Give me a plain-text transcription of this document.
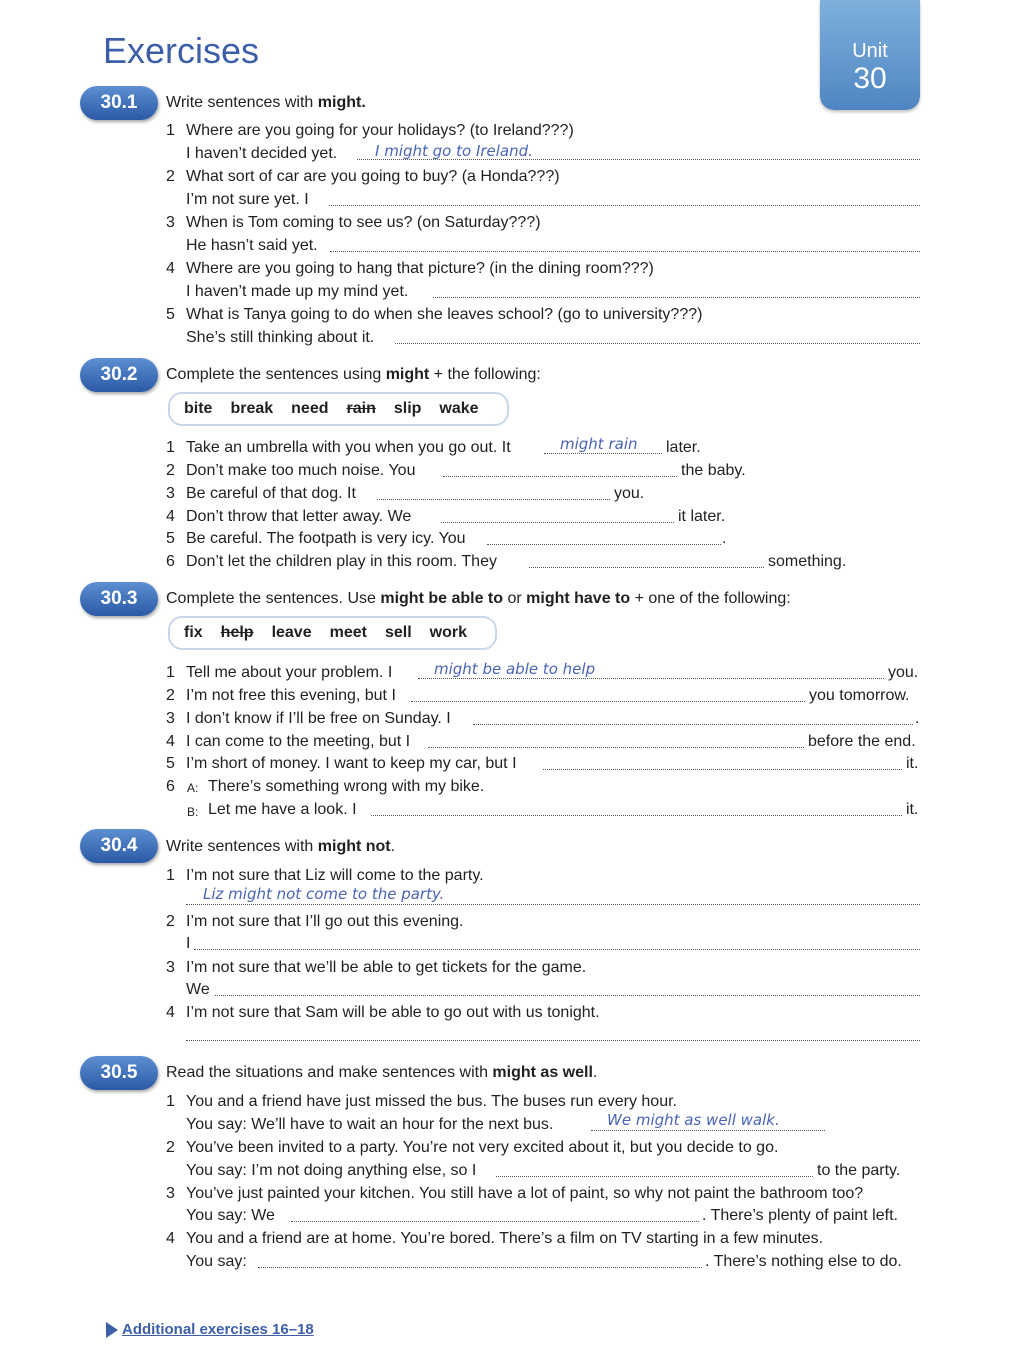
Exercises	Unit
30
30.1	Write sentences with might.
1 Where are you going for your holidays? (to Ireland???)
I haven’t decided yet.	I might go to Ireland.
2 What sort of car are you going to buy? (a Honda???)
I’m not sure yet. I
3 When is Tom coming to see us? (on Saturday???)
He hasn’t said yet.
4 Where are you going to hang that picture? (in the dining room???)
I haven’t made up my mind yet.
5 What is Tanya going to do when she leaves school? (go to university???)
She’s still thinking about it.
30.2	Complete the sentences using might + the following:
bite break need rain slip wake
1 Take an umbrella with you when you go out. It	might rain later.
2 Don’t make too much noise. You	the baby.
3 Be careful of that dog. It	you.
4 Don’t throw that letter away. We	it later.
5 Be careful. The footpath is very icy. You	.
6 Don’t let the children play in this room. They	something.
30.3	Complete the sentences. Use might be able to or might have to + one of the following:
fix help leave meet sell work
1 Tell me about your problem. I	might be able to help	you.
2 I’m not free this evening, but I	you tomorrow.
3 I don’t know if I’ll be free on Sunday. I	.
4 I can come to the meeting, but I	before the end.
5 I’m short of money. I want to keep my car, but I	it.
6 A: There’s something wrong with my bike.
B: Let me have a look. I	it.
30.4	Write sentences with might not.
1 I’m not sure that Liz will come to the party.
Liz might not come to the party.
2 I’m not sure that I’ll go out this evening.
I
3 I’m not sure that we’ll be able to get tickets for the game.
We
4 I’m not sure that Sam will be able to go out with us tonight.
30.5	Read the situations and make sentences with might as well.
1 You and a friend have just missed the bus. The buses run every hour.
You say: We’ll have to wait an hour for the next bus.	We might as well walk.
2 You’ve been invited to a party. You’re not very excited about it, but you decide to go.
You say: I’m not doing anything else, so I	to the party.
3 You’ve just painted your kitchen. You still have a lot of paint, so why not paint the bathroom too?
You say: We	. There’s plenty of paint left.
4 You and a friend are at home. You’re bored. There’s a film on TV starting in a few minutes.
You say:	. There’s nothing else to do.
Additional exercises 16–18
